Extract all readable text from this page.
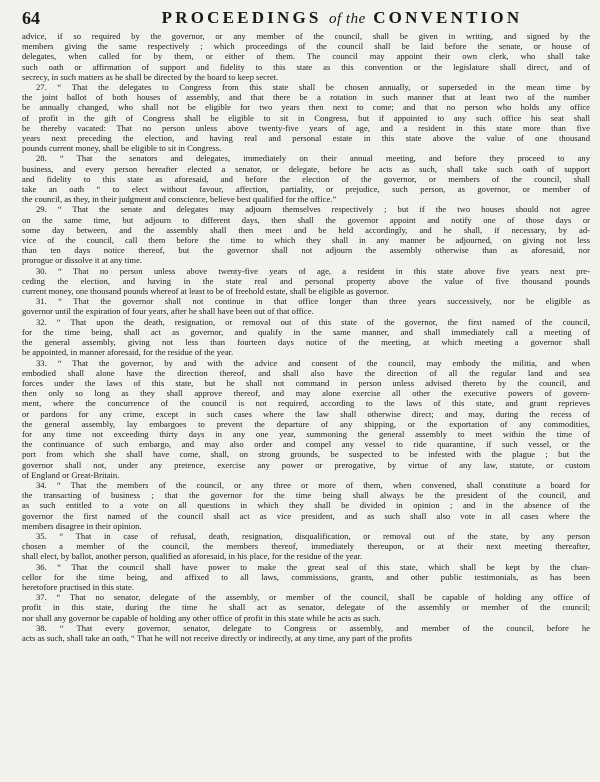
64	PROCEEDINGS of the CONVENTION
advice, if so required by the governor, or any member of the council, shall be given in writing, and signed by the
members giving the same respectively ; which proceedings of the council shall be laid before the senate, or house of
delegates, when called for by them, or either of them. The council may appoint their own clerk, who shall take
such oath or affirmation of support and fidelity to this state as this convention or the legislature shall direct, and of
secrecy, in such matters as he shall be directed by the board to keep secret.
27. “ That the delegates to Congress from this state shall be chosen annually, or superseded in the mean time by
the joint ballot of both houses of assembly, and that there be a rotation in such manner that at least two of the number
be annually changed, who shall not be eligible for two years then next to come; and that no person who holds any office
of profit in the gift of Congress shall be eligible to sit in Congress, but if appointed to any such office his seat shall
be thereby vacated: That no person unless above twenty-five years of age, and a resident in this state more than five
years next preceding the election, and having real and personal estate in this state above the value of one thousand
pounds current money, shall be eligible to sit in Congress.
28. “ That the senators and delegates, immediately on their annual meeting, and before they proceed to any
business, and every person hereafter elected a senator, or delegate, before he acts as such, shall take such oath of support
and fidelity to this state as aforesaid, and before the election of the governor, or members of the council, shall
take an oath “ to elect without favour, affection, partiality, or prejudice, such person, as governor, or member of
the council, as they, in their judgment and conscience, believe best qualified for the office.”
29. “ That the senate and delegates may adjourn themselves respectively ; but if the two houses should not agree
on the same time, but adjourn to different days, then shall the governor appoint and notify one of those days or
some day between, and the assembly shall then meet and be held accordingly, and he shall, if necessary, by ad-
vice of the council, call them before the time to which they shall in any manner be adjourned, on giving not less
than ten days notice thereof, but the governor shall not adjourn the assembly otherwise than as aforesaid, nor
prorogue or dissolve it at any time.
30. “ That no person unless above twenty-five years of age, a resident in this state above five years next pre-
ceding the election, and having in the state real and personal property above the value of five thousand pounds
current money, one thousand pounds whereof at least to be of freehold estate, shall be eligible as governor.
31. “ That the governor shall not continue in that office longer than three years successively, nor be eligible as
governor until the expiration of four years, after he shall have been out of that office.
32. “ That upon the death, resignation, or removal out of this state of the governor, the first named of the council,
for the time being, shall act as governor, and qualify in the same manner, and shall immediately call a meeting of
the general assembly, giving not less than fourteen days notice of the meeting, at which meeting a governor shall
be appointed, in manner aforesaid, for the residue of the year.
33. “ That the governor, by and with the advice and consent of the council, may embody the militia, and when
embodied shall alone have the direction thereof, and shall also have the direction of all the regular land and sea
forces under the laws of this state, but he shall not command in person unless advised thereto by the council, and
then only so long as they shall approve thereof, and may alone exercise all other the executive powers of govern-
ment, where the concurrence of the council is not required, according to the laws of this state, and grant reprieves
or pardons for any crime, except in such cases where the law shall otherwise direct; and may, during the recess of
the general assembly, lay embargoes to prevent the departure of any shipping, or the exportation of any commodities,
for any time not exceeding thirty days in any one year, summoning the general assembly to meet within the time of
the continuance of such embargo, and may also order and compel any vessel to ride quarantine, if such vessel, or the
port from which she shall have come, shall, on strong grounds, be suspected to be infested with the plague ; but the
governor shall not, under any pretence, exercise any power or prerogative, by virtue of any law, statute, or custom
of England or Great-Britain.
34. “ That the members of the council, or any three or more of them, when convened, shall constitute a board for
the transacting of business ; that the governor for the time being shall always be the president of the council, and
as such entitled to a vote on all questions in which they shall be divided in opinion ; and in the absence of the
governor the first named of the council shall act as vice president, and as such shall also vote in all cases where the
members disagree in their opinion.
35. “ That in case of refusal, death, resignation, disqualification, or removal out of the state, by any person
chosen a member of the council, the members thereof, immediately thereupon, or at their next meeting thereafter,
shall elect, by ballot, another person, qualified as aforesaid, in his place, for the residue of the year.
36. “ That the council shall have power to make the great seal of this state, which shall be kept by the chan-
cellor for the time being, and affixed to all laws, commissions, grants, and other public testimonials, as has been
heretofore practised in this state.
37. “ That no senator, delegate of the assembly, or member of the council, shall be capable of holding any office of
profit in this state, during the time he shall act as senator, delegate of the assembly or member of the council;
nor shall any governor be capable of holding any other office of profit in this state while he acts as such.
38. “ That every governor, senator, delegate to Congress or assembly, and member of the council, before he
acts as such, shall take an oath, “ That he will not receive directly or indirectly, at any time, any part of the profits
